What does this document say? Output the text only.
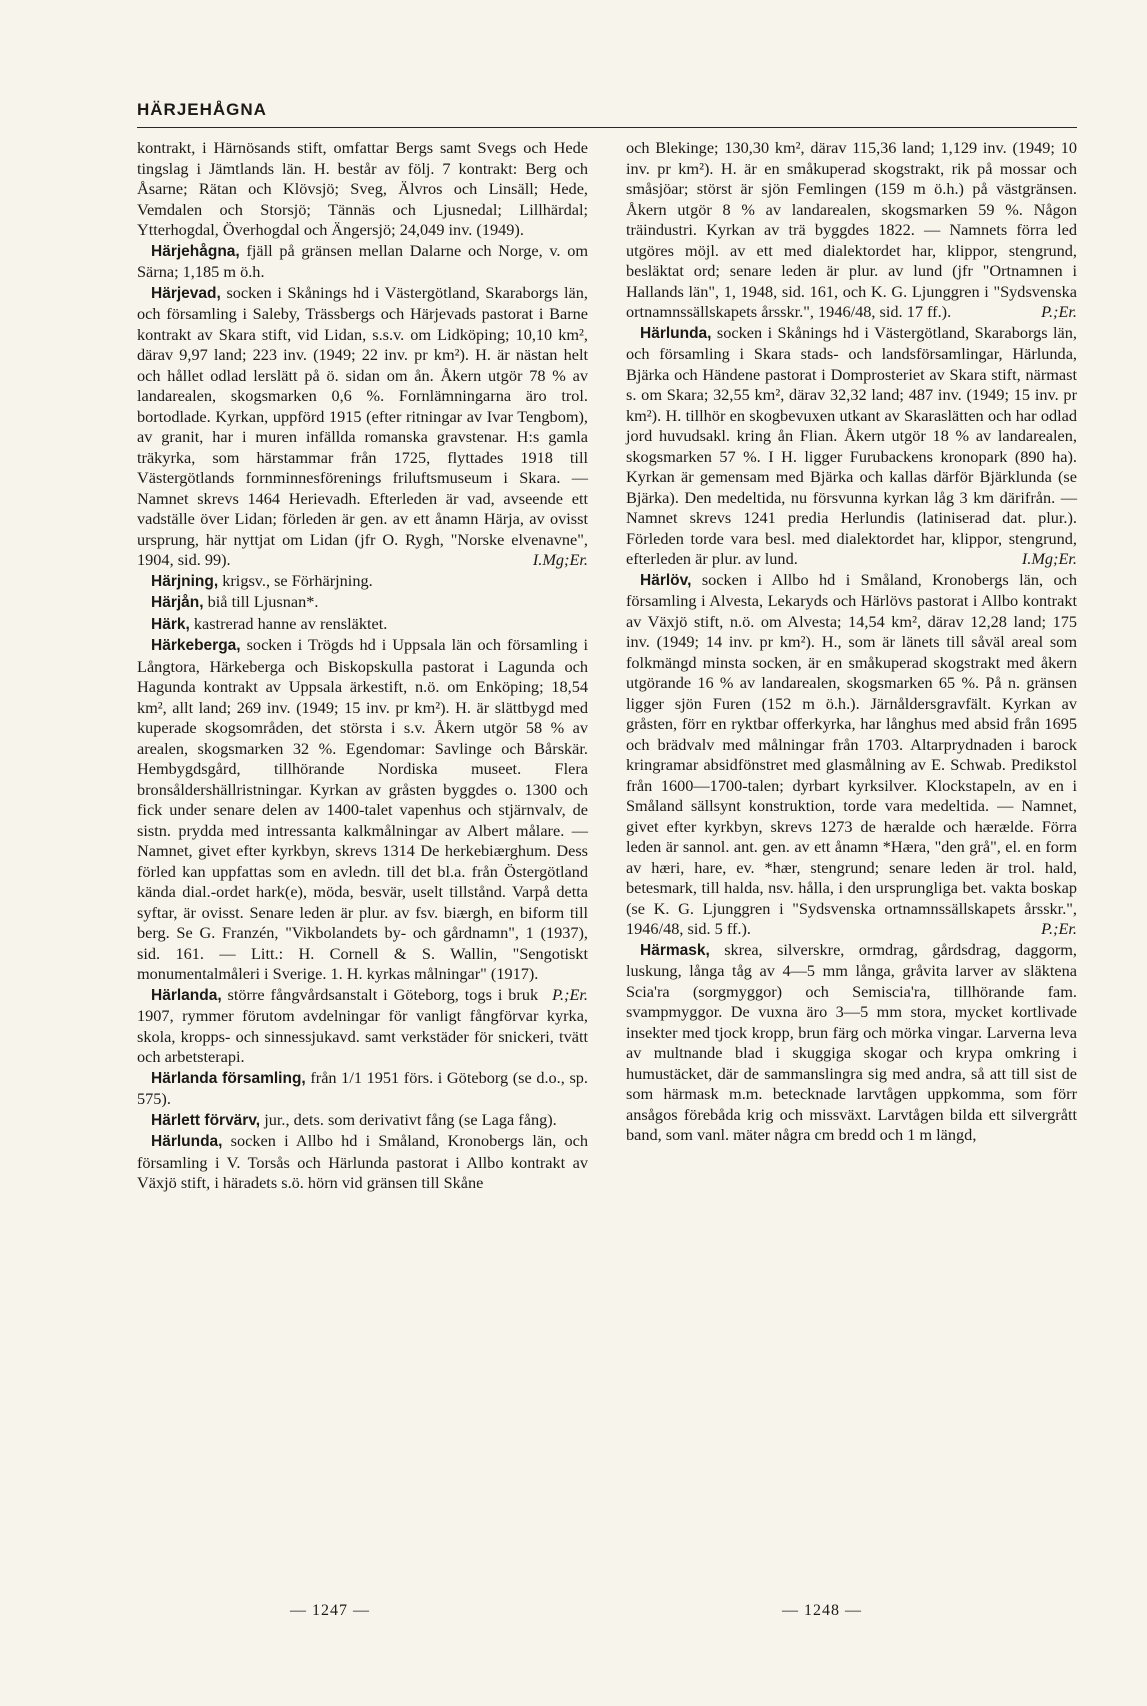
HÄRJEHÅGNA

kontrakt, i Härnösands stift, omfattar Bergs samt Svegs och Hede tingslag i Jämtlands län. H. består av följ. 7 kontrakt: Berg och Åsarne; Rätan och Klövsjö; Sveg, Älvros och Linsäll; Hede, Vemdalen och Storsjö; Tännäs och Ljusnedal; Lillhärdal; Ytterhogdal, Överhogdal och Ängersjö; 24,049 inv. (1949).

Härjehågna, fjäll på gränsen mellan Dalarne och Norge, v. om Särna; 1,185 m ö.h.

Härjevad, socken i Skånings hd i Västergötland, Skaraborgs län, och församling i Saleby, Trässbergs och Härjevads pastorat i Barne kontrakt av Skara stift, vid Lidan, s.s.v. om Lidköping; 10,10 km², därav 9,97 land; 223 inv. (1949; 22 inv. pr km²). H. är nästan helt och hållet odlad lerslätt på ö. sidan om ån. Åkern utgör 78 % av landarealen, skogsmarken 0,6 %. Fornlämningarna äro trol. bortodlade. Kyrkan, uppförd 1915 (efter ritningar av Ivar Tengbom), av granit, har i muren infällda romanska gravstenar. H:s gamla träkyrka, som härstammar från 1725, flyttades 1918 till Västergötlands fornminnesförenings friluftsmuseum i Skara. — Namnet skrevs 1464 Herievadh. Efterleden är vad, avseende ett vadställe över Lidan; förleden är gen. av ett ånamn Härja, av ovisst ursprung, här nyttjat om Lidan (jfr O. Rygh, "Norske elvenavne", 1904, sid. 99).	I.Mg;Er.

Härjning, krigsv., se Förhärjning.

Härjån, biå till Ljusnan*.

Härk, kastrerad hanne av rensläktet.

Härkeberga, socken i Trögds hd i Uppsala län och församling i Långtora, Härkeberga och Biskopskulla pastorat i Lagunda och Hagunda kontrakt av Uppsala ärkestift, n.ö. om Enköping; 18,54 km², allt land; 269 inv. (1949; 15 inv. pr km²). H. är slättbygd med kuperade skogsområden, det största i s.v. Åkern utgör 58 % av arealen, skogsmarken 32 %. Egendomar: Savlinge och Bårskär. Hembygdsgård, tillhörande Nordiska museet. Flera bronsåldershällristningar. Kyrkan av gråsten byggdes o. 1300 och fick under senare delen av 1400-talet vapenhus och stjärnvalv, de sistn. prydda med intressanta kalkmålningar av Albert målare. — Namnet, givet efter kyrkbyn, skrevs 1314 De herkebiærghum. Dess förled kan uppfattas som en avledn. till det bl.a. från Östergötland kända dial.-ordet hark(e), möda, besvär, uselt tillstånd. Varpå detta syftar, är ovisst. Senare leden är plur. av fsv. biærgh, en biform till berg. Se G. Franzén, "Vikbolandets by- och gårdnamn", 1 (1937), sid. 161. — Litt.: H. Cornell & S. Wallin, "Sengotiskt monumentalmåleri i Sverige. 1. H. kyrkas målningar" (1917).
P.;Er.

Härlanda, större fångvårdsanstalt i Göteborg, togs i bruk 1907, rymmer förutom avdelningar för vanligt fångförvar kyrka, skola, kropps- och sinnessjukavd. samt verkstäder för snickeri, tvätt och arbetsterapi.

Härlanda församling, från 1/1 1951 förs. i Göteborg (se d.o., sp. 575).

Härlett förvärv, jur., dets. som derivativt fång (se Laga fång).

Härlunda, socken i Allbo hd i Småland, Kronobergs län, och församling i V. Torsås och Härlunda pastorat i Allbo kontrakt av Växjö stift, i häradets s.ö. hörn vid gränsen till Skåne

och Blekinge; 130,30 km², därav 115,36 land; 1,129 inv. (1949; 10 inv. pr km²). H. är en småkuperad skogstrakt, rik på mossar och småsjöar; störst är sjön Femlingen (159 m ö.h.) på västgränsen. Åkern utgör 8 % av landarealen, skogsmarken 59 %. Någon träindustri. Kyrkan av trä byggdes 1822. — Namnets förra led utgöres möjl. av ett med dialektordet har, klippor, stengrund, besläktat ord; senare leden är plur. av lund (jfr "Ortnamnen i Hallands län", 1, 1948, sid. 161, och K. G. Ljunggren i "Sydsvenska ortnamnssällskapets årsskr.", 1946/48, sid. 17 ff.).	P.;Er.

Härlunda, socken i Skånings hd i Västergötland, Skaraborgs län, och församling i Skara stads- och landsförsamlingar, Härlunda, Bjärka och Händene pastorat i Domprosteriet av Skara stift, närmast s. om Skara; 32,55 km², därav 32,32 land; 487 inv. (1949; 15 inv. pr km²). H. tillhör en skogbevuxen utkant av Skaraslätten och har odlad jord huvudsakl. kring ån Flian. Åkern utgör 18 % av landarealen, skogsmarken 57 %. I H. ligger Furubackens kronopark (890 ha). Kyrkan är gemensam med Bjärka och kallas därför Bjärklunda (se Bjärka). Den medeltida, nu försvunna kyrkan låg 3 km därifrån. — Namnet skrevs 1241 predia Herlundis (latiniserad dat. plur.). Förleden torde vara besl. med dialektordet har, klippor, stengrund, efterleden är plur. av lund.	I.Mg;Er.

Härlöv, socken i Allbo hd i Småland, Kronobergs län, och församling i Alvesta, Lekaryds och Härlövs pastorat i Allbo kontrakt av Växjö stift, n.ö. om Alvesta; 14,54 km², därav 12,28 land; 175 inv. (1949; 14 inv. pr km²). H., som är länets till såväl areal som folkmängd minsta socken, är en småkuperad skogstrakt med åkern utgörande 16 % av landarealen, skogsmarken 65 %. På n. gränsen ligger sjön Furen (152 m ö.h.). Järnåldersgravfält. Kyrkan av gråsten, förr en ryktbar offerkyrka, har långhus med absid från 1695 och brädvalv med målningar från 1703. Altarprydnaden i barock kringramar absidfönstret med glasmålning av E. Schwab. Predikstol från 1600—1700-talen; dyrbart kyrksilver. Klockstapeln, av en i Småland sällsynt konstruktion, torde vara medeltida. — Namnet, givet efter kyrkbyn, skrevs 1273 de hæralde och hærælde. Förra leden är sannol. ant. gen. av ett ånamn *Hæra, "den grå", el. en form av hæri, hare, ev. *hær, stengrund; senare leden är trol. hald, betesmark, till halda, nsv. hålla, i den ursprungliga bet. vakta boskap (se K. G. Ljunggren i "Sydsvenska ortnamnssällskapets årsskr.", 1946/48, sid. 5 ff.).	P.;Er.

Härmask, skrea, silverskre, ormdrag, gårdsdrag, daggorm, luskung, långa tåg av 4—5 mm långa, gråvita larver av släktena Scia'ra (sorgmyggor) och Semiscia'ra, tillhörande fam. svampmyggor. De vuxna äro 3—5 mm stora, mycket kortlivade insekter med tjock kropp, brun färg och mörka vingar. Larverna leva av multnande blad i skuggiga skogar och krypa omkring i humustäcket, där de sammanslingra sig med andra, så att till sist de som härmask m.m. betecknade larvtågen uppkomma, som förr ansågos förebåda krig och missväxt. Larvtågen bilda ett silvergrått band, som vanl. mäter några cm bredd och 1 m längd,

— 1247 —	— 1248 —
